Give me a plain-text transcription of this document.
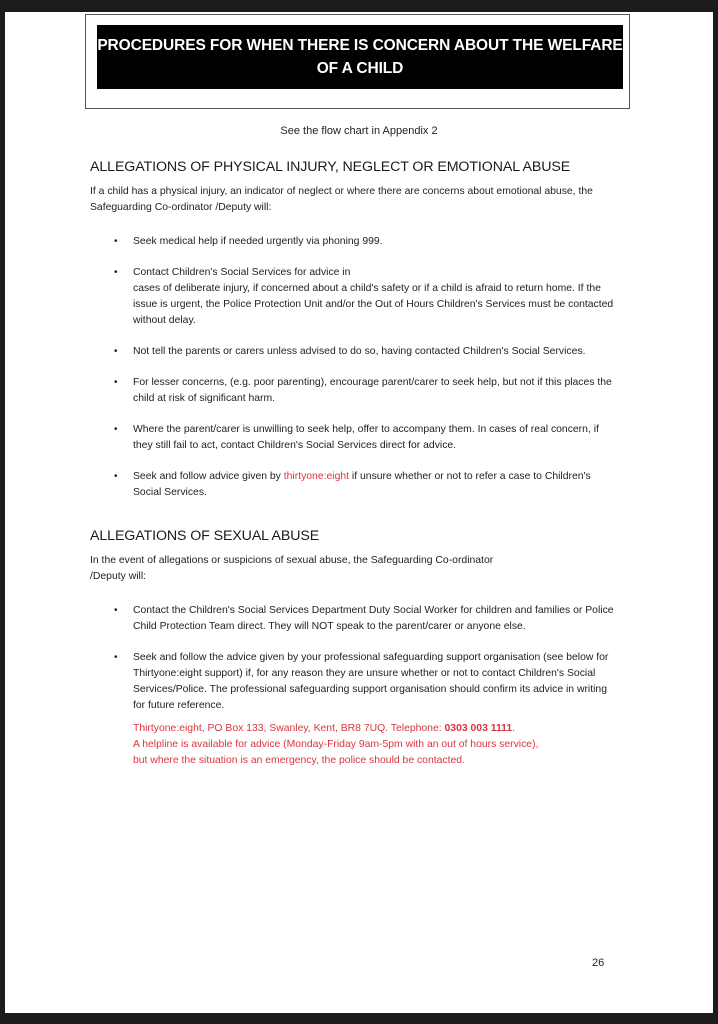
PROCEDURES FOR WHEN THERE IS CONCERN ABOUT THE WELFARE
OF A CHILD
See the flow chart in Appendix 2
ALLEGATIONS OF PHYSICAL INJURY, NEGLECT OR EMOTIONAL ABUSE

If a child has a physical injury, an indicator of neglect or where there are concerns about emotional abuse, the Safeguarding Co-ordinator /Deputy will:

• Seek medical help if needed urgently via phoning 999.
• Contact Children's Social Services for advice in
cases of deliberate injury, if concerned about a child's safety or if a child is afraid to return home. If the issue is urgent, the Police Protection Unit and/or the Out of Hours Children's Services must be contacted without delay.
• Not tell the parents or carers unless advised to do so, having contacted Children's Social Services.
• For lesser concerns, (e.g. poor parenting), encourage parent/carer to seek help, but not if this places the child at risk of significant harm.
• Where the parent/carer is unwilling to seek help, offer to accompany them. In cases of real concern, if they still fail to act, contact Children's Social Services direct for advice.
• Seek and follow advice given by thirtyone:eight if unsure whether or not to refer a case to Children's Social Services.
ALLEGATIONS OF SEXUAL ABUSE

In the event of allegations or suspicions of sexual abuse, the Safeguarding Co-ordinator
/Deputy will:

• Contact the Children's Social Services Department Duty Social Worker for children and families or Police Child Protection Team direct. They will NOT speak to the parent/carer or anyone else.
• Seek and follow the advice given by your professional safeguarding support organisation (see below for Thirtyone:eight support) if, for any reason they are unsure whether or not to contact Children's Social Services/Police. The professional safeguarding support organisation should confirm its advice in writing for future reference.
Thirtyone:eight, PO Box 133, Swanley, Kent, BR8 7UQ. Telephone: 0303 003 1111.
A helpline is available for advice (Monday-Friday 9am-5pm with an out of hours service),
but where the situation is an emergency, the police should be contacted.
26
